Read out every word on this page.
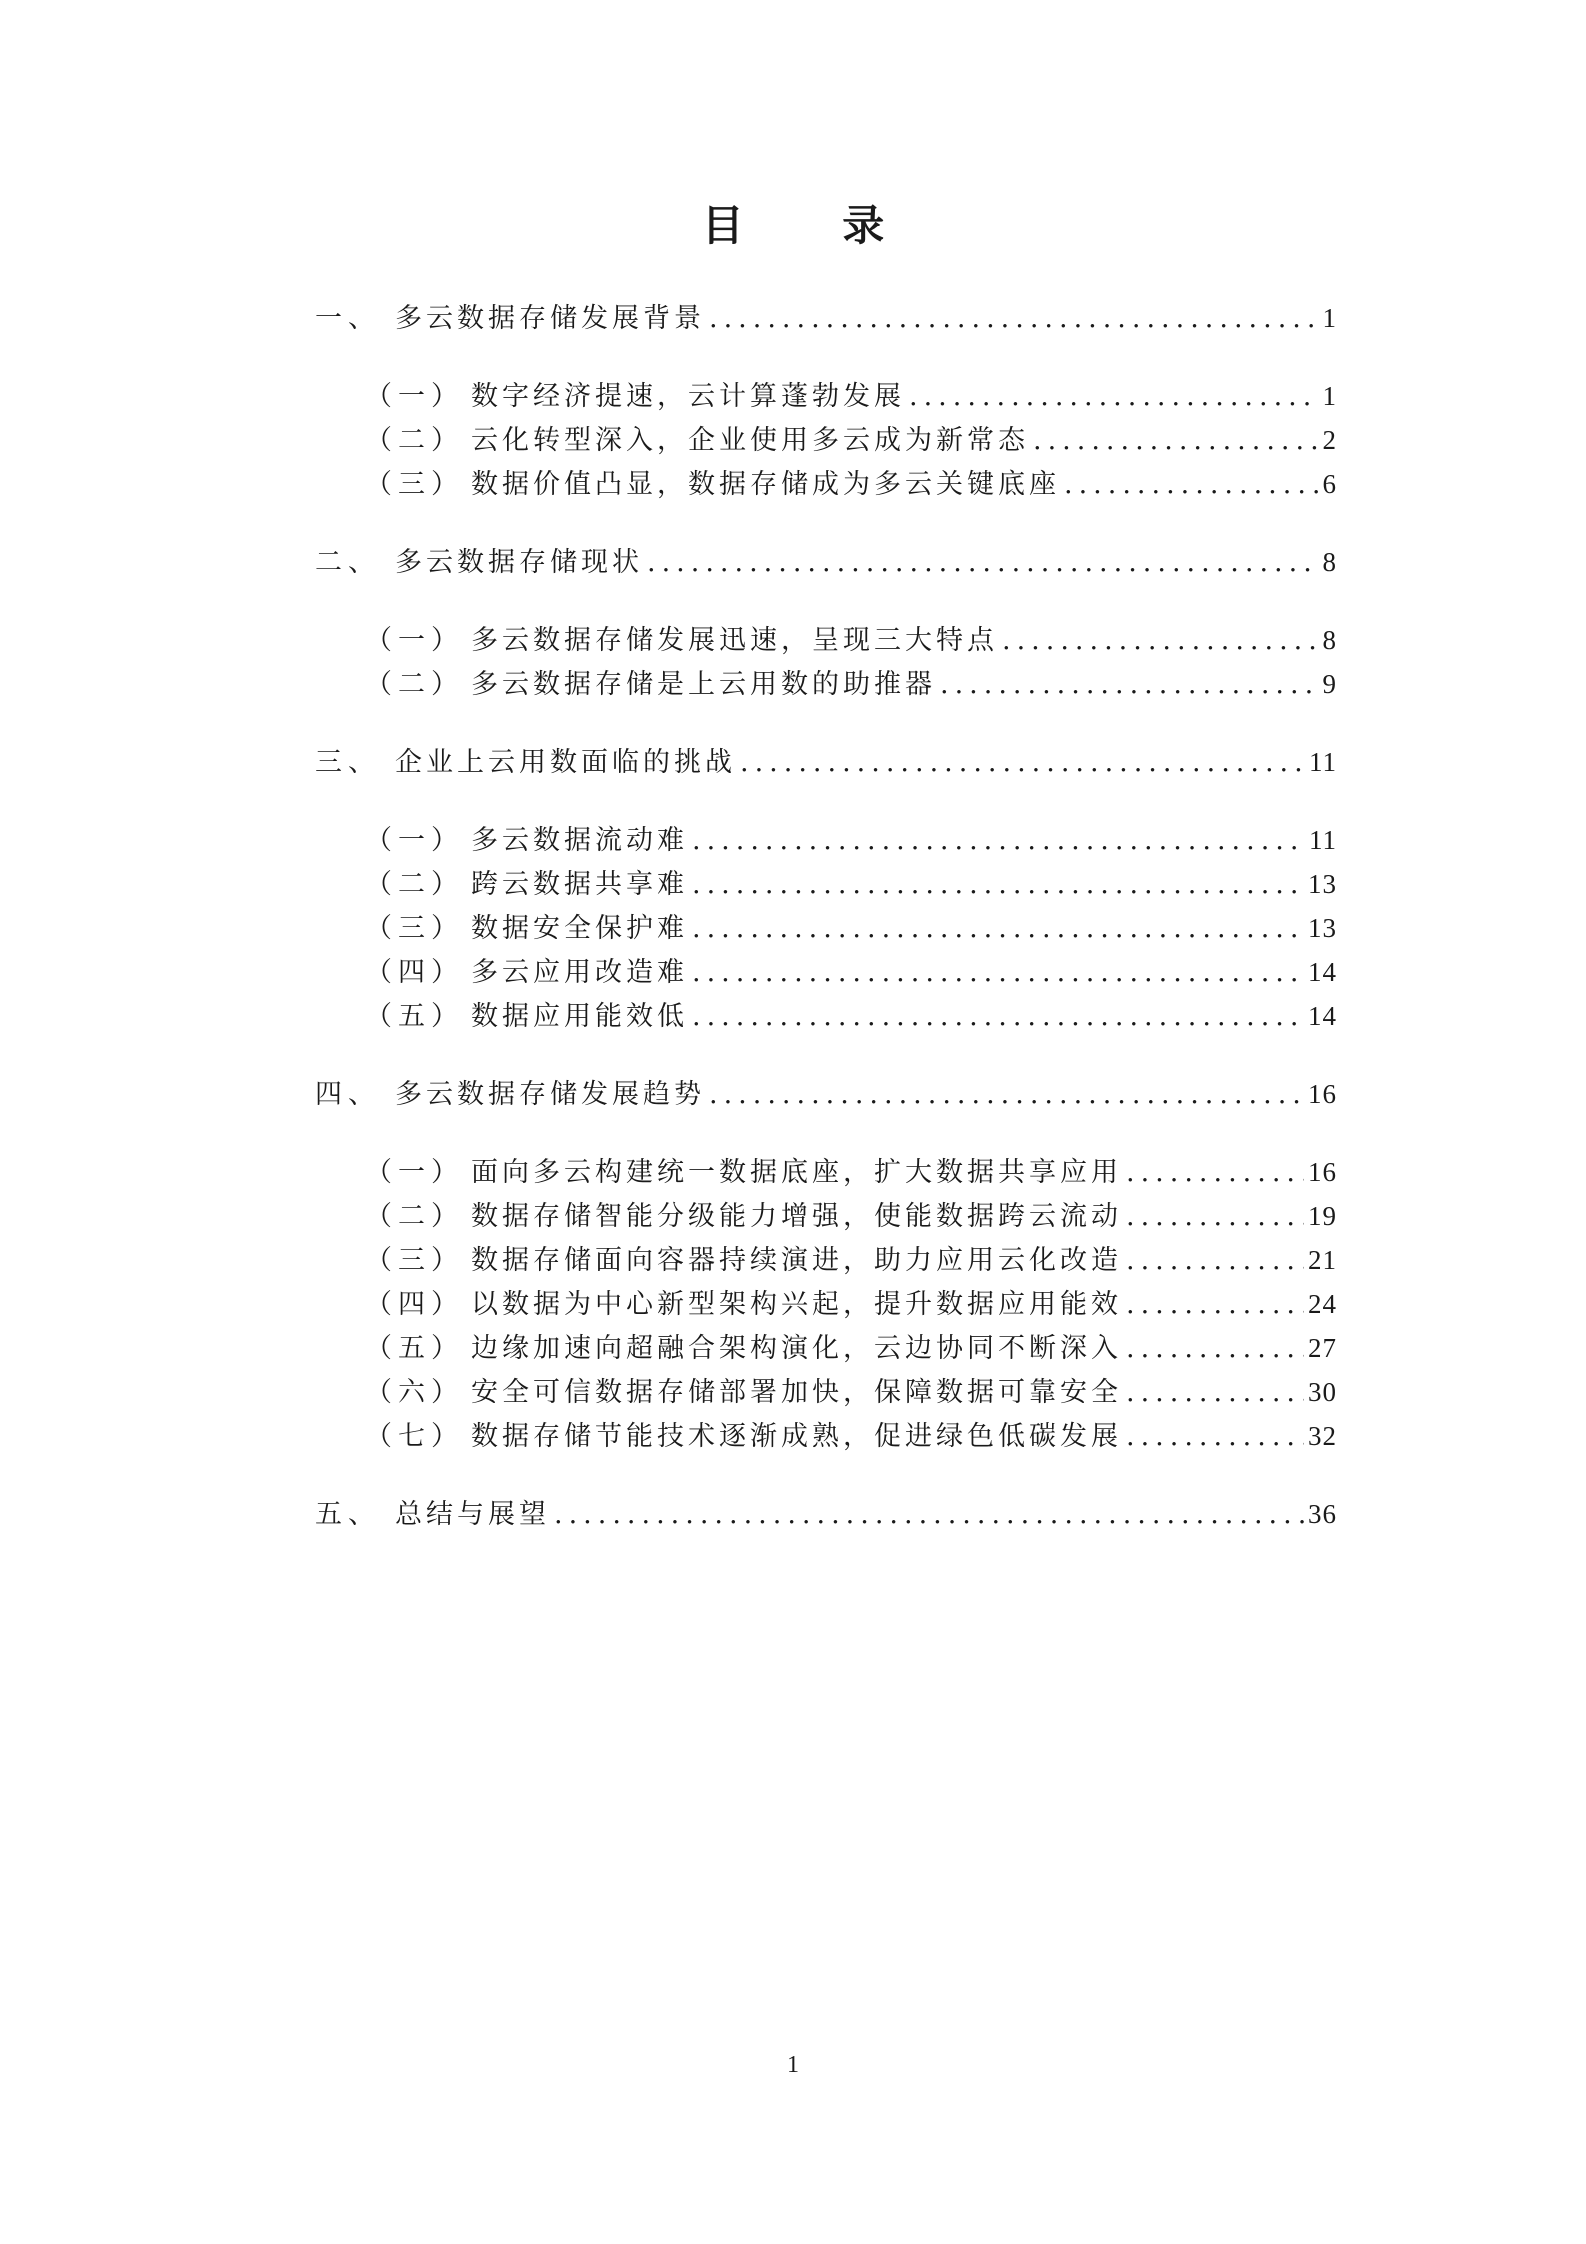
目 录
一、 多云数据存储发展背景 .....	1
（一） 数字经济提速，云计算蓬勃发展 .....	1
（二） 云化转型深入，企业使用多云成为新常态 .....	2
（三） 数据价值凸显，数据存储成为多云关键底座 .....	6
二、 多云数据存储现状 .....	8
（一） 多云数据存储发展迅速，呈现三大特点 .....	8
（二） 多云数据存储是上云用数的助推器 .....	9
三、 企业上云用数面临的挑战 .....	11
（一） 多云数据流动难 .....	11
（二） 跨云数据共享难 .....	13
（三） 数据安全保护难 .....	13
（四） 多云应用改造难 .....	14
（五） 数据应用能效低 .....	14
四、 多云数据存储发展趋势 .....	16
（一） 面向多云构建统一数据底座，扩大数据共享应用 .....	16
（二） 数据存储智能分级能力增强，使能数据跨云流动 .....	19
（三） 数据存储面向容器持续演进，助力应用云化改造 .....	21
（四） 以数据为中心新型架构兴起，提升数据应用能效 .....	24
（五） 边缘加速向超融合架构演化，云边协同不断深入 .....	27
（六） 安全可信数据存储部署加快，保障数据可靠安全 .....	30
（七） 数据存储节能技术逐渐成熟，促进绿色低碳发展 .....	32
五、 总结与展望 .....	36
1
